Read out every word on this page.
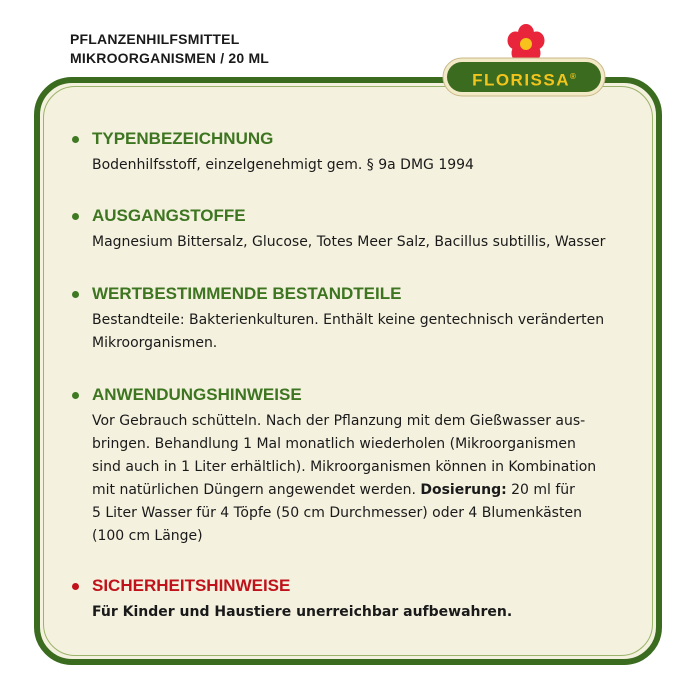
PFLANZENHILFSMITTEL
MIKROORGANISMEN / 20 ML
FLORISSA®
TYPENBEZEICHNUNG
Bodenhilfsstoff, einzelgenehmigt gem. § 9a DMG 1994
AUSGANGSTOFFE
Magnesium Bittersalz, Glucose, Totes Meer Salz, Bacillus subtillis, Wasser
WERTBESTIMMENDE BESTANDTEILE
Bestandteile: Bakterienkulturen. Enthält keine gentechnisch veränderten
Mikroorganismen.
ANWENDUNGSHINWEISE
Vor Gebrauch schütteln. Nach der Pflanzung mit dem Gießwasser aus-
bringen. Behandlung 1 Mal monatlich wiederholen (Mikroorganismen
sind auch in 1 Liter erhältlich). Mikroorganismen können in Kombination
mit natürlichen Düngern angewendet werden. Dosierung: 20 ml für
5 Liter Wasser für 4 Töpfe (50 cm Durchmesser) oder 4 Blumenkästen
(100 cm Länge)
SICHERHEITSHINWEISE
Für Kinder und Haustiere unerreichbar aufbewahren.
